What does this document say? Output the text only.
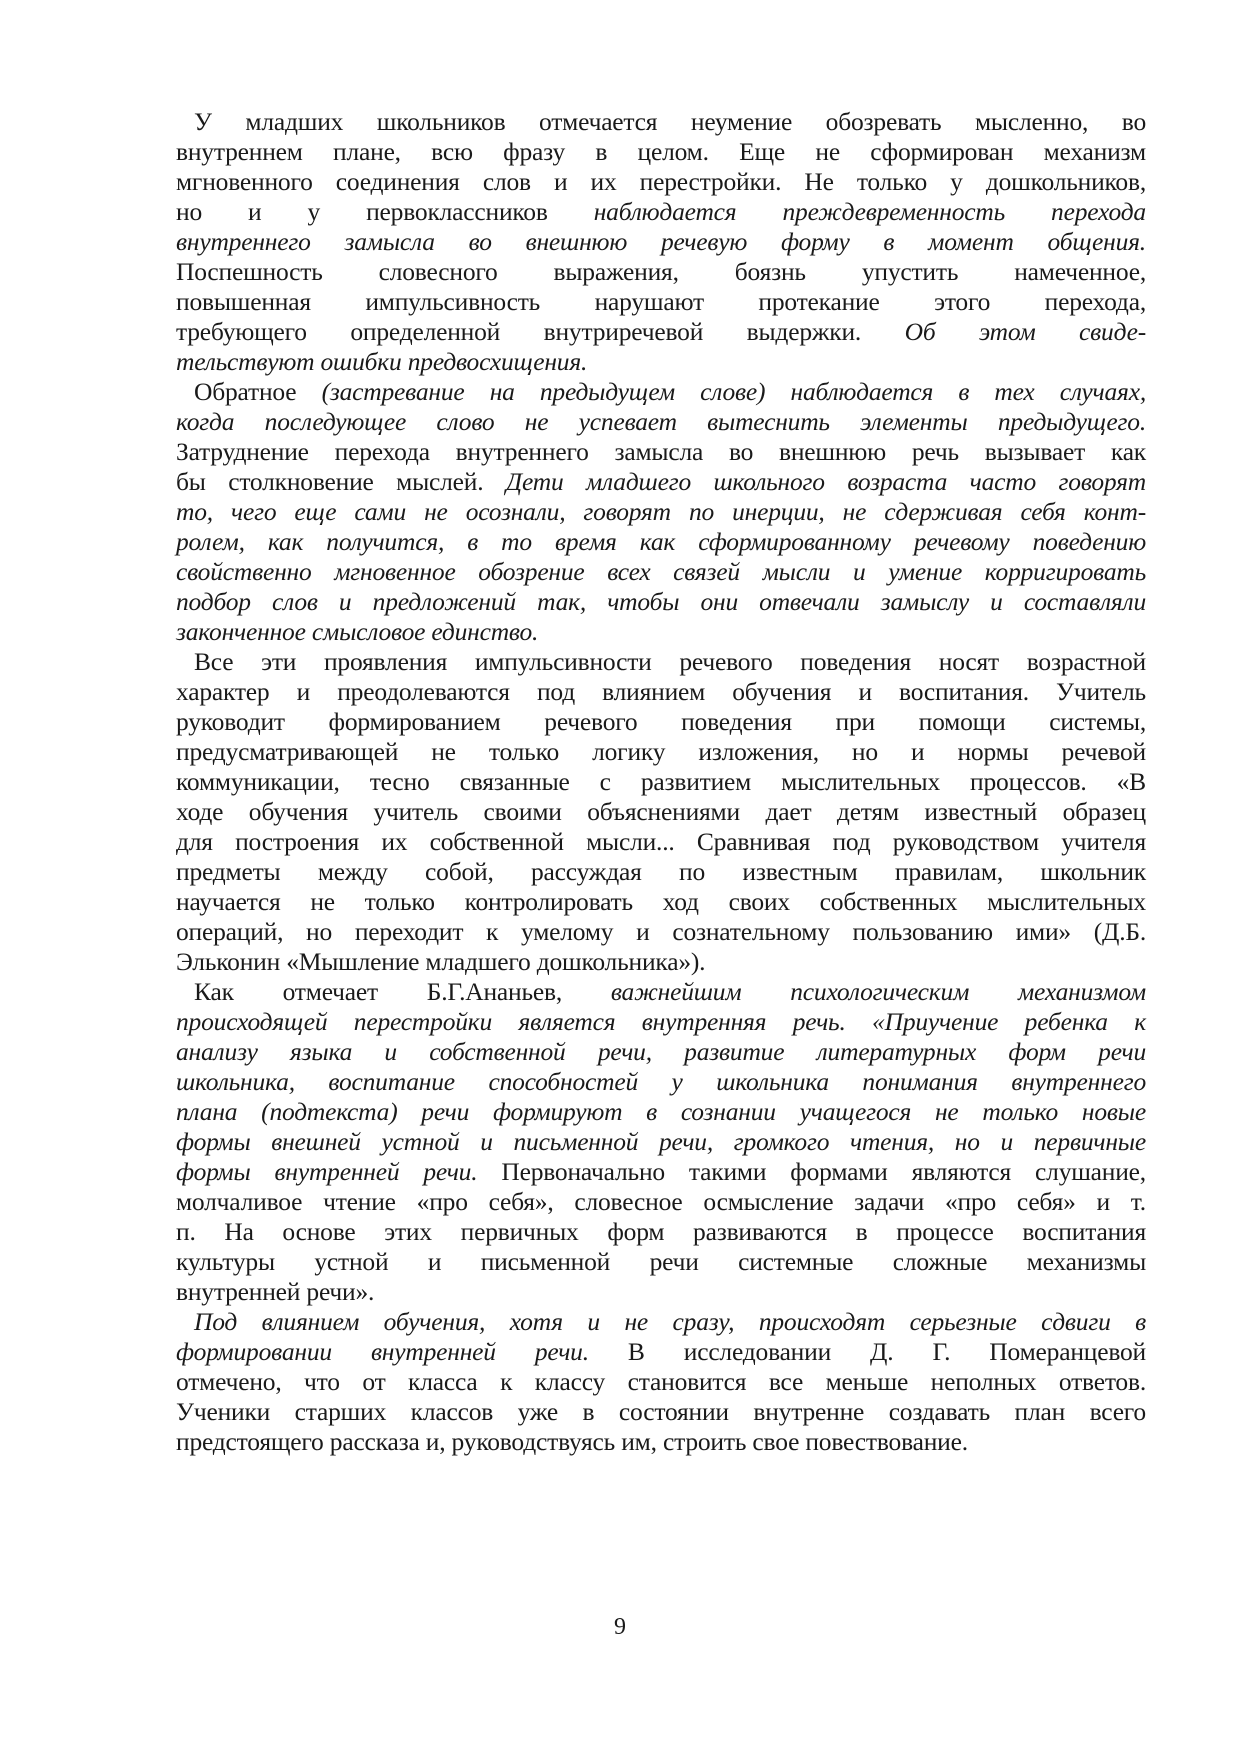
У младших школьников отмечается неумение обозревать мысленно, во
внутреннем плане, всю фразу в целом. Еще не сформирован механизм
мгновенного соединения слов и их перестройки. Не только у дошкольников,
но и у первоклассников наблюдается преждевременность перехода
внутреннего замысла во внешнюю речевую форму в момент общения.
Поспешность словесного выражения, боязнь упустить намеченное,
повышенная импульсивность нарушают протекание этого перехода,
требующего определенной внутриречевой выдержки. Об этом свиде-
тельствуют ошибки предвосхищения.
Обратное (застревание на предыдущем слове) наблюдается в тех случаях,
когда последующее слово не успевает вытеснить элементы предыдущего.
Затруднение перехода внутреннего замысла во внешнюю речь вызывает как
бы столкновение мыслей. Дети младшего школьного возраста часто говорят
то, чего еще сами не осознали, говорят по инерции, не сдерживая себя конт-
ролем, как получится, в то время как сформированному речевому поведению
свойственно мгновенное обозрение всех связей мысли и умение корригировать
подбор слов и предложений так, чтобы они отвечали замыслу и составляли
законченное смысловое единство.
Все эти проявления импульсивности речевого поведения носят возрастной
характер и преодолеваются под влиянием обучения и воспитания. Учитель
руководит формированием речевого поведения при помощи системы,
предусматривающей не только логику изложения, но и нормы речевой
коммуникации, тесно связанные с развитием мыслительных процессов. «В
ходе обучения учитель своими объяснениями дает детям известный образец
для построения их собственной мысли... Сравнивая под руководством учителя
предметы между собой, рассуждая по известным правилам, школьник
научается не только контролировать ход своих собственных мыслительных
операций, но переходит к умелому и сознательному пользованию ими» (Д.Б.
Эльконин «Мышление младшего дошкольника»).
Как отмечает Б.Г.Ананьев, важнейшим психологическим механизмом
происходящей перестройки является внутренняя речь. «Приучение ребенка к
анализу языка и собственной речи, развитие литературных форм речи
школьника, воспитание способностей у школьника понимания внутреннего
плана (подтекста) речи формируют в сознании учащегося не только новые
формы внешней устной и письменной речи, громкого чтения, но и первичные
формы внутренней речи. Первоначально такими формами являются слушание,
молчаливое чтение «про себя», словесное осмысление задачи «про себя» и т.
п. На основе этих первичных форм развиваются в процессе воспитания
культуры устной и письменной речи системные сложные механизмы
внутренней речи».
Под влиянием обучения, хотя и не сразу, происходят серьезные сдвиги в
формировании внутренней речи. В исследовании Д. Г. Померанцевой
отмечено, что от класса к классу становится все меньше неполных ответов.
Ученики старших классов уже в состоянии внутренне создавать план всего
предстоящего рассказа и, руководствуясь им, строить свое повествование.
9
